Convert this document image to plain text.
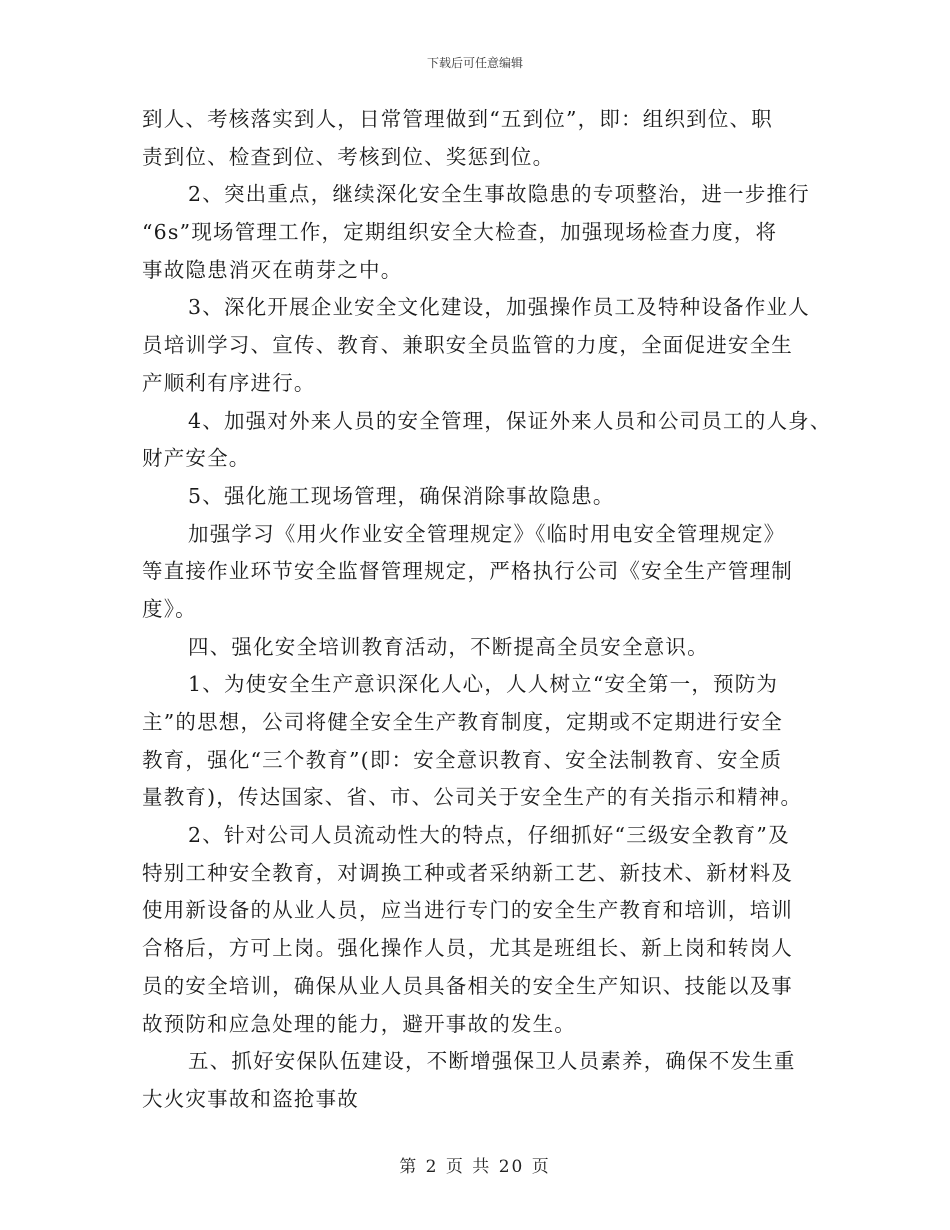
下载后可任意编辑
到人、考核落实到人，日常管理做到“五到位”，即：组织到位、职
责到位、检查到位、考核到位、奖惩到位。
2、突出重点，继续深化安全生事故隐患的专项整治，进一步推行
“6s”现场管理工作，定期组织安全大检查，加强现场检查力度，将
事故隐患消灭在萌芽之中。
3、深化开展企业安全文化建设，加强操作员工及特种设备作业人
员培训学习、宣传、教育、兼职安全员监管的力度，全面促进安全生
产顺利有序进行。
4、加强对外来人员的安全管理，保证外来人员和公司员工的人身、
财产安全。
5、强化施工现场管理，确保消除事故隐患。
加强学习《用火作业安全管理规定》《临时用电安全管理规定》
等直接作业环节安全监督管理规定，严格执行公司《安全生产管理制
度》。
四、强化安全培训教育活动，不断提高全员安全意识。
1、为使安全生产意识深化人心，人人树立“安全第一，预防为
主”的思想，公司将健全安全生产教育制度，定期或不定期进行安全
教育，强化“三个教育”(即：安全意识教育、安全法制教育、安全质
量教育)，传达国家、省、市、公司关于安全生产的有关指示和精神。
2、针对公司人员流动性大的特点，仔细抓好“三级安全教育”及
特别工种安全教育，对调换工种或者采纳新工艺、新技术、新材料及
使用新设备的从业人员，应当进行专门的安全生产教育和培训，培训
合格后，方可上岗。强化操作人员，尤其是班组长、新上岗和转岗人
员的安全培训，确保从业人员具备相关的安全生产知识、技能以及事
故预防和应急处理的能力，避开事故的发生。
五、抓好安保队伍建设，不断增强保卫人员素养，确保不发生重
大火灾事故和盗抢事故
第 2 页 共 20 页
